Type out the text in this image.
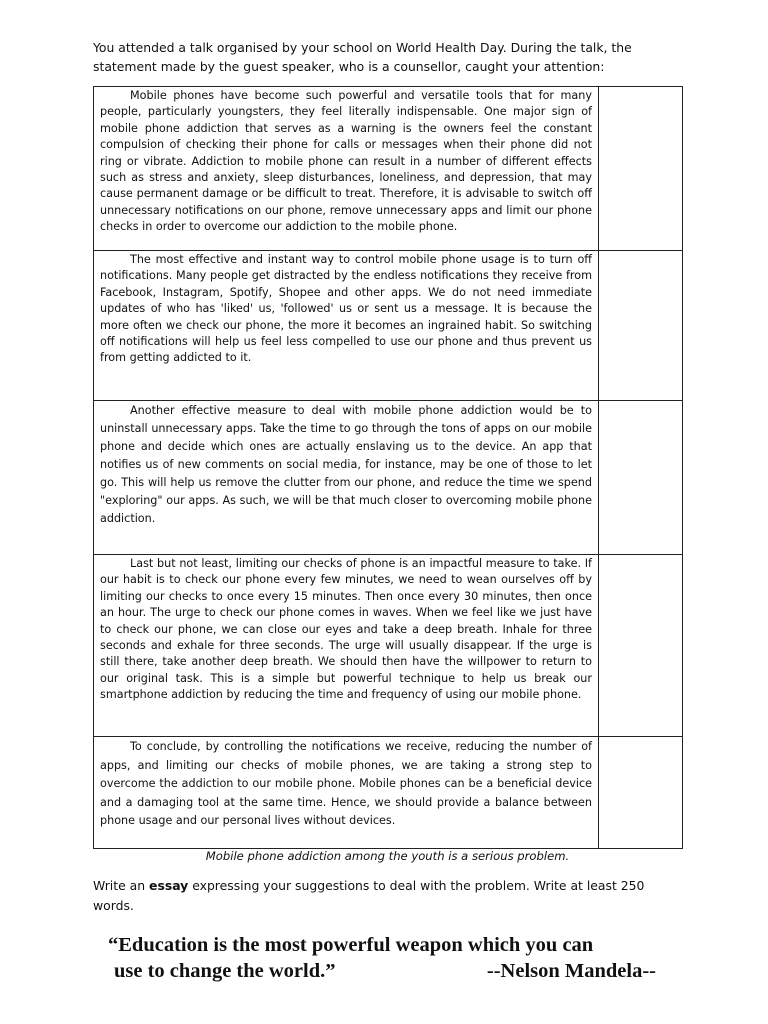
You attended a talk organised by your school on World Health Day. During the talk, the
statement made by the guest speaker, who is a counsellor, caught your attention:

Mobile phones have become such powerful and versatile tools that for many people, particularly youngsters, they feel literally indispensable. One major sign of mobile phone addiction that serves as a warning is the owners feel the constant compulsion of checking their phone for calls or messages when their phone did not ring or vibrate. Addiction to mobile phone can result in a number of different effects such as stress and anxiety, sleep disturbances, loneliness, and depression, that may cause permanent damage or be difficult to treat. Therefore, it is advisable to switch off unnecessary notifications on our phone, remove unnecessary apps and limit our phone checks in order to overcome our addiction to the mobile phone.	

The most effective and instant way to control mobile phone usage is to turn off notifications. Many people get distracted by the endless notifications they receive from Facebook, Instagram, Spotify, Shopee and other apps. We do not need immediate updates of who has 'liked' us, 'followed' us or sent us a message. It is because the more often we check our phone, the more it becomes an ingrained habit. So switching off notifications will help us feel less compelled to use our phone and thus prevent us from getting addicted to it.	

Another effective measure to deal with mobile phone addiction would be to uninstall unnecessary apps. Take the time to go through the tons of apps on our mobile phone and decide which ones are actually enslaving us to the device. An app that notifies us of new comments on social media, for instance, may be one of those to let go. This will help us remove the clutter from our phone, and reduce the time we spend "exploring" our apps. As such, we will be that much closer to overcoming mobile phone addiction.	

Last but not least, limiting our checks of phone is an impactful measure to take. If our habit is to check our phone every few minutes, we need to wean ourselves off by limiting our checks to once every 15 minutes. Then once every 30 minutes, then once an hour. The urge to check our phone comes in waves. When we feel like we just have to check our phone, we can close our eyes and take a deep breath. Inhale for three seconds and exhale for three seconds. The urge will usually disappear. If the urge is still there, take another deep breath. We should then have the willpower to return to our original task. This is a simple but powerful technique to help us break our smartphone addiction by reducing the time and frequency of using our mobile phone.	

To conclude, by controlling the notifications we receive, reducing the number of apps, and limiting our checks of mobile phones, we are taking a strong step to overcome the addiction to our mobile phone. Mobile phones can be a beneficial device and a damaging tool at the same time. Hence, we should provide a balance between phone usage and our personal lives without devices.	

Mobile phone addiction among the youth is a serious problem.
Write an essay expressing your suggestions to deal with the problem. Write at least 250 words.
“Education is the most powerful weapon which you can
use to change the world.”	--Nelson Mandela--
